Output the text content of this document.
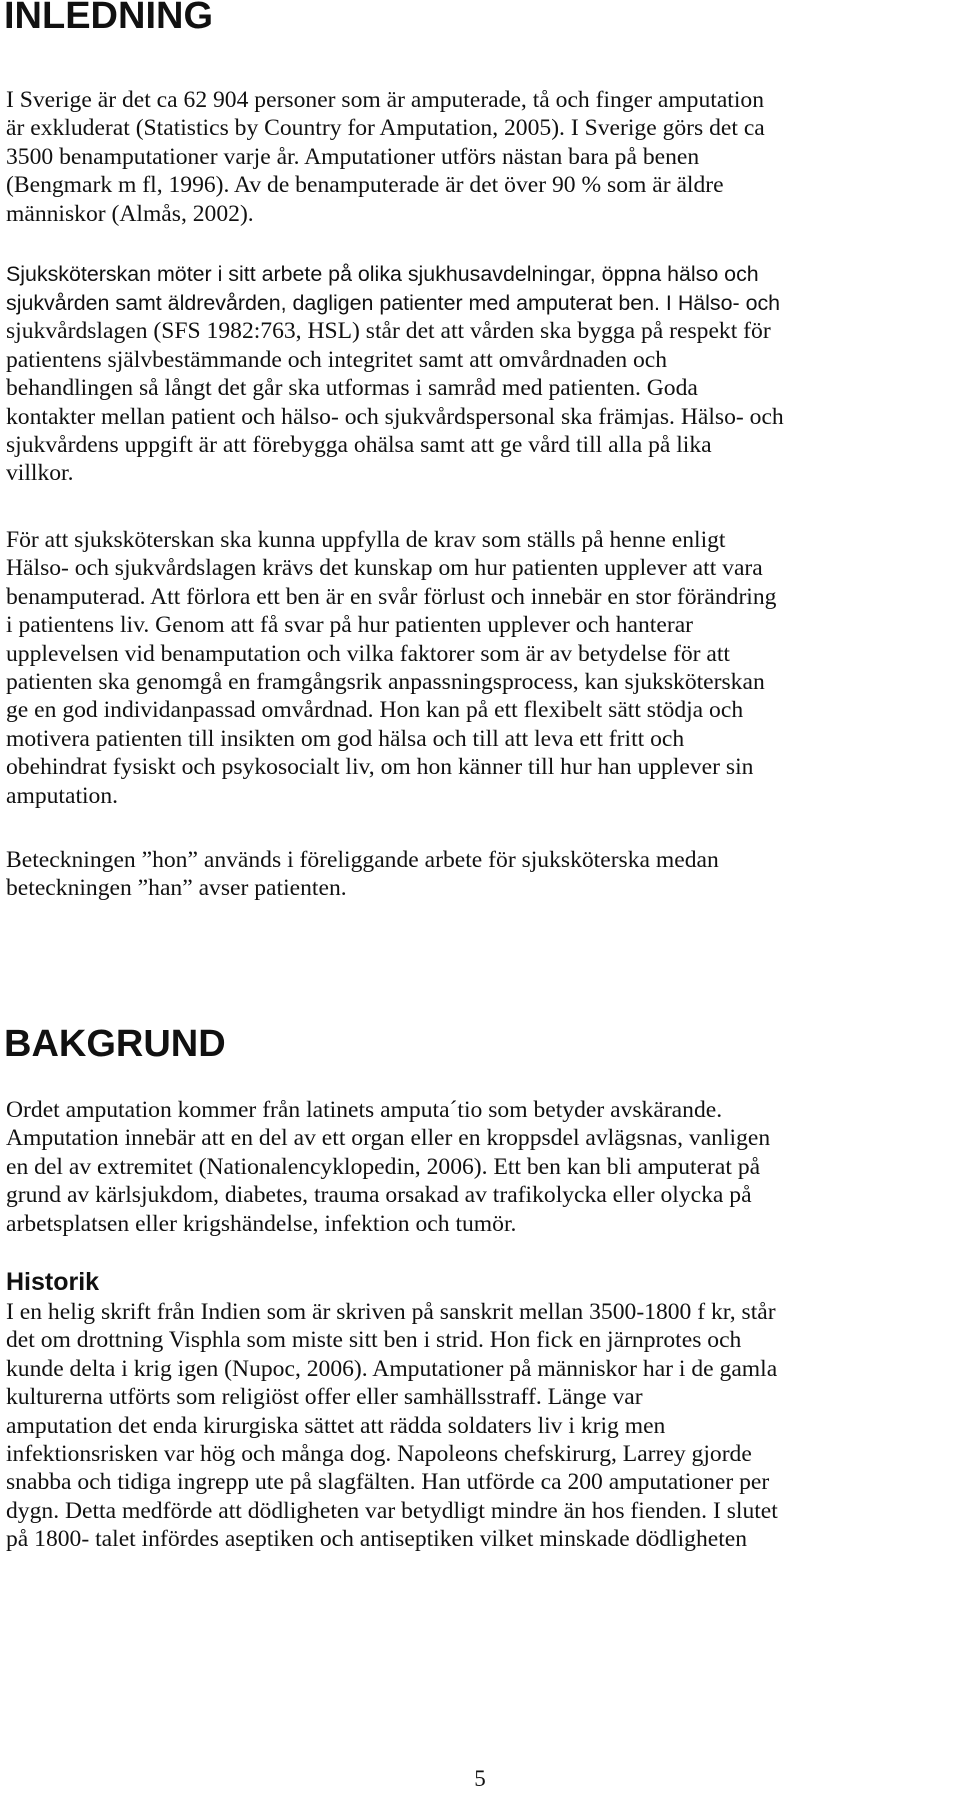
INLEDNING
I Sverige är det ca 62 904 personer som är amputerade, tå och finger amputation
är exkluderat (Statistics by Country for Amputation, 2005). I Sverige görs det ca
3500 benamputationer varje år. Amputationer utförs nästan bara på benen
(Bengmark m fl, 1996). Av de benamputerade är det över 90 % som är äldre
människor (Almås, 2002).
Sjuksköterskan möter i sitt arbete på olika sjukhusavdelningar, öppna hälso och
sjukvården samt äldrevården, dagligen patienter med amputerat ben. I Hälso- och
sjukvårdslagen (SFS 1982:763, HSL) står det att vården ska bygga på respekt för
patientens självbestämmande och integritet samt att omvårdnaden och
behandlingen så långt det går ska utformas i samråd med patienten. Goda
kontakter mellan patient och hälso- och sjukvårdspersonal ska främjas. Hälso- och
sjukvårdens uppgift är att förebygga ohälsa samt att ge vård till alla på lika
villkor.
För att sjuksköterskan ska kunna uppfylla de krav som ställs på henne enligt
Hälso- och sjukvårdslagen krävs det kunskap om hur patienten upplever att vara
benamputerad. Att förlora ett ben är en svår förlust och innebär en stor förändring
i patientens liv. Genom att få svar på hur patienten upplever och hanterar
upplevelsen vid benamputation och vilka faktorer som är av betydelse för att
patienten ska genomgå en framgångsrik anpassningsprocess, kan sjuksköterskan
ge en god individanpassad omvårdnad. Hon kan på ett flexibelt sätt stödja och
motivera patienten till insikten om god hälsa och till att leva ett fritt och
obehindrat fysiskt och psykosocialt liv, om hon känner till hur han upplever sin
amputation.
Beteckningen ”hon” används i föreliggande arbete för sjuksköterska medan
beteckningen ”han” avser patienten.
BAKGRUND
Ordet amputation kommer från latinets amputa´tio som betyder avskärande.
Amputation innebär att en del av ett organ eller en kroppsdel avlägsnas, vanligen
en del av extremitet (Nationalencyklopedin, 2006). Ett ben kan bli amputerat på
grund av kärlsjukdom, diabetes, trauma orsakad av trafikolycka eller olycka på
arbetsplatsen eller krigshändelse, infektion och tumör.
Historik
I en helig skrift från Indien som är skriven på sanskrit mellan 3500-1800 f kr, står
det om drottning Visphla som miste sitt ben i strid. Hon fick en järnprotes och
kunde delta i krig igen (Nupoc, 2006). Amputationer på människor har i de gamla
kulturerna utförts som religiöst offer eller samhällsstraff. Länge var
amputation det enda kirurgiska sättet att rädda soldaters liv i krig men
infektionsrisken var hög och många dog. Napoleons chefskirurg, Larrey gjorde
snabba och tidiga ingrepp ute på slagfälten. Han utförde ca 200 amputationer per
dygn. Detta medförde att dödligheten var betydligt mindre än hos fienden. I slutet
på 1800- talet infördes aseptiken och antiseptiken vilket minskade dödligheten
5
